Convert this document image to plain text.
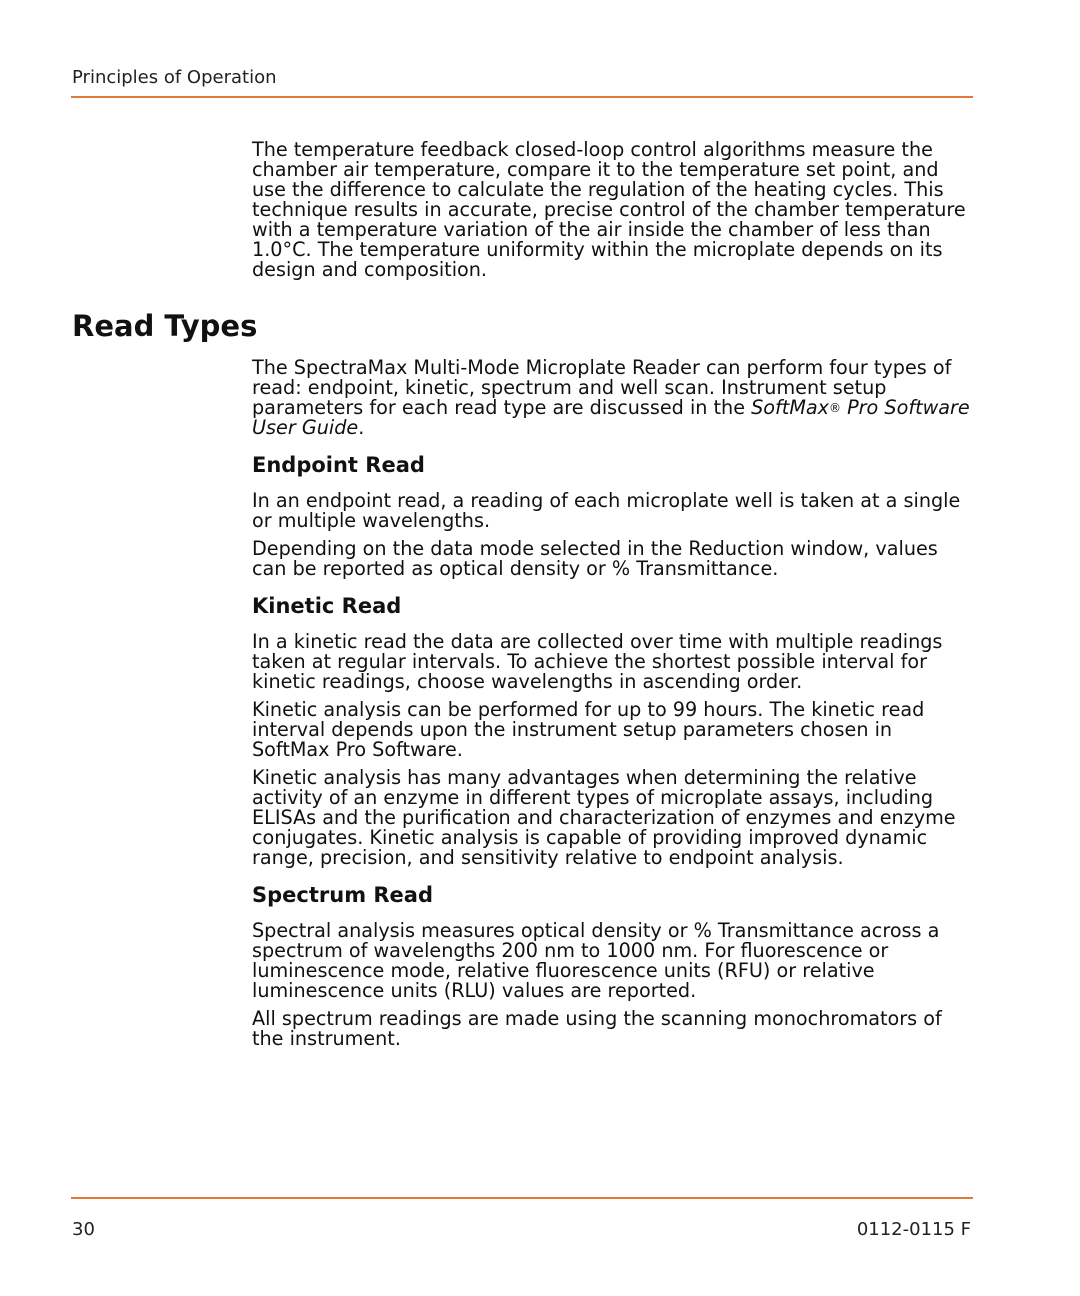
Principles of Operation

The temperature feedback closed-loop control algorithms measure the chamber air temperature, compare it to the temperature set point, and use the difference to calculate the regulation of the heating cycles. This technique results in accurate, precise control of the chamber temperature with a temperature variation of the air inside the chamber of less than 1.0°C. The temperature uniformity within the microplate depends on its design and composition.

Read Types

The SpectraMax Multi-Mode Microplate Reader can perform four types of read: endpoint, kinetic, spectrum and well scan. Instrument setup parameters for each read type are discussed in the SoftMax® Pro Software User Guide.

Endpoint Read

In an endpoint read, a reading of each microplate well is taken at a single or multiple wavelengths.

Depending on the data mode selected in the Reduction window, values can be reported as optical density or % Transmittance.

Kinetic Read

In a kinetic read the data are collected over time with multiple readings taken at regular intervals. To achieve the shortest possible interval for kinetic readings, choose wavelengths in ascending order.

Kinetic analysis can be performed for up to 99 hours. The kinetic read interval depends upon the instrument setup parameters chosen in SoftMax Pro Software.

Kinetic analysis has many advantages when determining the relative activity of an enzyme in different types of microplate assays, including ELISAs and the purification and characterization of enzymes and enzyme conjugates. Kinetic analysis is capable of providing improved dynamic range, precision, and sensitivity relative to endpoint analysis.

Spectrum Read

Spectral analysis measures optical density or % Transmittance across a spectrum of wavelengths 200 nm to 1000 nm. For fluorescence or luminescence mode, relative fluorescence units (RFU) or relative luminescence units (RLU) values are reported.

All spectrum readings are made using the scanning monochromators of the instrument.

30	0112-0115 F
